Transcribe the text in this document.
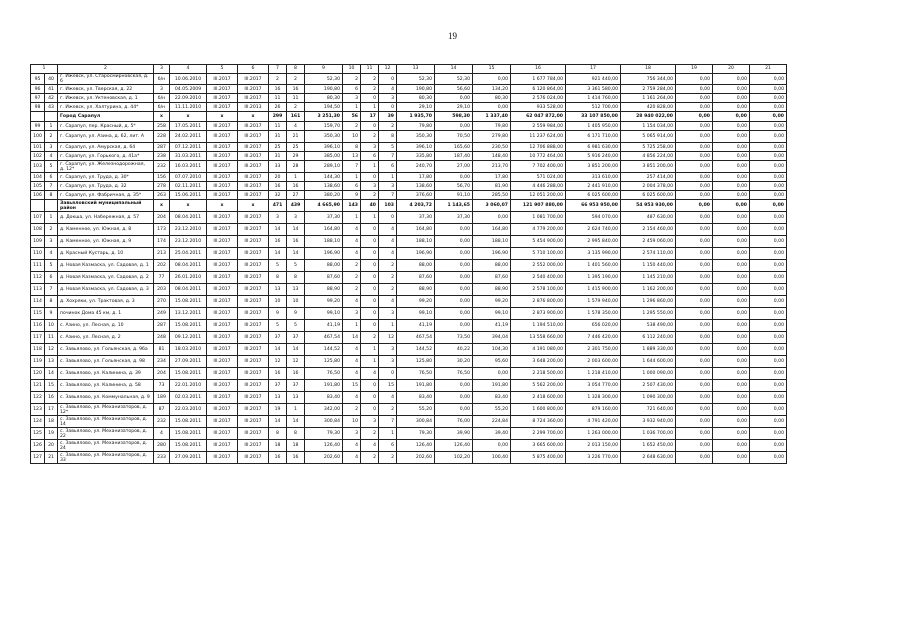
19
1		2	3	4	5	6	7	8	9	10	11	12	13	14	15	16	17	18	19	20	21
95	40	г. Ижевск, ул. Старосмирновская, д. 6	б/н	10.06.2010	III.2017	III.2017	2	2	52,30	2	2	0	52,30	52,30	0,00	1 677 784,00	921 440,00	756 344,00	0,00	0,00	0,00
96	41	г. Ижевск, ул. Тверская, д. 22	3	04.05.2009	III.2017	III.2017	16	16	190,80	6	2	4	190,80	56,60	134,20	6 120 864,00	3 361 580,00	2 759 284,00	0,00	0,00	0,00
97	42	г. Ижевск, ул. Уктеновская, д. 1	б/н	22.09.2010	III.2017	III.2017	11	11	80,30	3	0	3	80,30	0,00	80,30	2 576 024,00	1 414 760,00	1 161 264,00	0,00	0,00	0,00
98	43	г. Ижевск, ул. Халтурина, д. 44*	б/н	11.11.2010	III.2017	III.2013	26	2	194,50	1	1	0	29,10	29,10	0,00	933 528,00	512 700,00	420 828,00	0,00	0,00	0,00
		Город Сарапул	x	x	x	x	299	161	3 251,30	56	17	39	1 935,70	598,30	1 337,40	62 047 872,00	33 107 850,00	28 940 022,00	0,00	0,00	0,00
99	1	г. Сарапул, пер. Красный, д. 5*	258	17.05.2011	III.2017	III.2017	11	4	159,70	2	0	2	79,80	0,00	79,80	2 559 984,00	1 405 950,00	1 154 034,00	0,00	0,00	0,00
100	2	г. Сарапул, ул. Азина, д. 62, лит. А	228	24.02.2011	III.2017	III.2017	31	21	350,30	10	2	8	350,30	70,50	279,80	11 237 624,00	6 171 710,00	5 065 914,00	0,00	0,00	0,00
101	3	г. Сарапул, ул. Амурская, д. 64	287	07.12.2011	III.2017	III.2017	25	25	396,10	8	3	5	396,10	165,60	230,50	12 706 888,00	6 981 630,00	5 725 258,00	0,00	0,00	0,00
102	4	г. Сарапул, ул. Горького, д. 41а*	238	31.03.2011	III.2017	III.2017	31	29	385,00	13	6	7	335,80	187,40	148,40	10 772 464,00	5 916 240,00	4 856 224,00	0,00	0,00	0,00
103	5	г. Сарапул, ул. Железнодорожная, д. 12*	232	16.03.2011	III.2017	III.2017	33	28	289,10	7	1	6	240,70	27,00	213,70	7 702 400,00	3 851 200,00	3 851 200,00	0,00	0,00	0,00
104	6	г. Сарапул, ул. Труда, д. 30*	156	07.07.2010	III.2017	III.2017	20	1	144,30	1	0	1	17,80	0,00	17,80	571 024,00	313 610,00	257 414,00	0,00	0,00	0,00
105	7	г. Сарапул, ул. Труда, д. 32	278	02.11.2011	III.2017	III.2017	16	16	138,60	6	3	3	138,60	56,70	81,90	4 446 288,00	2 441 910,00	2 004 378,00	0,00	0,00	0,00
106	8	г. Сарапул, ул. Фабричная, д. 35*	263	15.06.2011	III.2017	III.2017	32	27	380,20	9	2	7	376,60	91,10	285,50	12 051 200,00	6 025 600,00	6 025 600,00	0,00	0,00	0,00
		Завьяловский муниципальный район	x	x	x	x	471	439	4 665,90	143	40	103	4 203,72	1 143,65	3 060,07	121 907 880,00	66 953 950,00	54 953 930,00	0,00	0,00	0,00
107	1	д. Докша, ул. Набережная, д. 57	204	08.04.2011	III.2017	III.2017	3	3	37,30	1	1	0	37,30	37,30	0,00	1 081 700,00	594 070,00	487 630,00	0,00	0,00	0,00
108	2	д. Каменное, ул. Южная, д. 8	173	23.12.2010	III.2017	III.2017	14	14	164,80	4	0	4	164,80	0,00	164,80	4 779 200,00	2 624 740,00	2 154 460,00	0,00	0,00	0,00
109	3	д. Каменное, ул. Южная, д. 9	174	23.12.2010	III.2017	III.2017	16	16	188,10	4	0	4	188,10	0,00	188,10	5 454 900,00	2 995 840,00	2 459 060,00	0,00	0,00	0,00
110	4	д. Красный Кустарь, д. 10	213	25.04.2011	III.2017	III.2017	14	14	196,90	4	0	4	196,90	0,00	196,90	5 710 100,00	3 135 990,00	2 574 110,00	0,00	0,00	0,00
111	5	д. Новая Казмаска, ул. Садовая, д. 1	202	08.04.2011	III.2017	III.2017	5	5	88,00	2	0	2	88,00	0,00	88,00	2 552 000,00	1 401 560,00	1 150 440,00	0,00	0,00	0,00
112	6	д. Новая Казмаска, ул. Садовая, д. 2	77	26.01.2010	III.2017	III.2017	8	8	87,60	2	0	2	87,60	0,00	87,60	2 540 400,00	1 395 190,00	1 145 210,00	0,00	0,00	0,00
113	7	д. Новая Казмаска, ул. Садовая, д. 3	203	08.04.2011	III.2017	III.2017	13	13	88,90	2	0	2	88,90	0,00	88,90	2 578 100,00	1 415 900,00	1 162 200,00	0,00	0,00	0,00
114	8	д. Хохряки, ул. Трактовая, д. 3	270	15.08.2011	III.2017	III.2017	10	10	99,20	4	0	4	99,20	0,00	99,20	2 876 800,00	1 579 940,00	1 296 860,00	0,00	0,00	0,00
115	9	починок Дома 45 км, д. 1	249	13.12.2011	III.2017	III.2017	9	9	99,10	3	0	3	99,10	0,00	99,10	2 873 900,00	1 578 350,00	1 295 550,00	0,00	0,00	0,00
116	10	с. Азино, ул. Лесная, д. 10	287	15.08.2011	III.2017	III.2017	5	5	41,19	1	0	1	41,19	0,00	41,19	1 194 510,00	656 020,00	538 490,00	0,00	0,00	0,00
117	11	с. Азино, ул. Лесная, д. 2	248	09.12.2011	III.2017	III.2017	37	37	467,54	14	2	12	467,54	73,50	394,04	13 558 660,00	7 446 420,00	6 112 240,00	0,00	0,00	0,00
118	12	с. Завьялово, ул. Гольянская, д. 96а	81	18.03.2010	III.2017	III.2017	14	14	144,52	4	1	3	144,52	40,22	104,30	4 191 080,00	2 301 750,00	1 889 330,00	0,00	0,00	0,00
119	13	с. Завьялово, ул. Гольянская, д. 98	234	27.09.2011	III.2017	III.2017	12	12	125,80	4	1	3	125,80	30,20	95,60	3 648 200,00	2 003 600,00	1 644 600,00	0,00	0,00	0,00
120	14	с. Завьялово, ул. Калинина, д. 39	204	15.08.2011	III.2017	III.2017	16	16	76,50	4	4	0	76,50	76,50	0,00	2 218 500,00	1 218 410,00	1 000 090,00	0,00	0,00	0,00
121	15	с. Завьялово, ул. Калинина, д. 58	73	22.01.2010	III.2017	III.2017	37	37	191,80	15	0	15	191,80	0,00	191,80	5 562 200,00	3 054 770,00	2 507 430,00	0,00	0,00	0,00
122	16	с. Завьялово, ул. Коммунальная, д. 9	189	02.03.2011	III.2017	III.2017	13	13	83,40	4	0	4	83,40	0,00	83,40	2 418 600,00	1 328 300,00	1 090 300,00	0,00	0,00	0,00
123	17	с. Завьялово, ул. Механизаторов, д. 12*	87	22.03.2010	III.2017	III.2017	19	1	342,00	2	0	2	55,20	0,00	55,20	1 600 800,00	879 160,00	721 640,00	0,00	0,00	0,00
124	18	с. Завьялово, ул. Механизаторов, д. 14	232	15.08.2011	III.2017	III.2017	14	14	300,84	10	3	7	300,84	76,00	224,84	8 724 360,00	4 791 420,00	3 932 940,00	0,00	0,00	0,00
125	19	с. Завьялово, ул. Механизаторов, д. 22	4	15.08.2011	III.2017	III.2017	8	8	79,30	3	2	1	79,30	39,90	39,40	2 299 700,00	1 263 000,00	1 036 700,00	0,00	0,00	0,00
126	20	с. Завьялово, ул. Механизаторов, д. 24	280	15.08.2011	III.2017	III.2017	18	18	126,40	4	4	6	126,40	126,40	0,00	3 665 600,00	2 013 150,00	1 652 450,00	0,00	0,00	0,00
127	21	с. Завьялово, ул. Механизаторов, д. 33	233	27.09.2011	III.2017	III.2017	16	16	202,60	4	2	2	202,60	102,20	100,40	5 875 400,00	3 226 770,00	2 648 630,00	0,00	0,00	0,00
